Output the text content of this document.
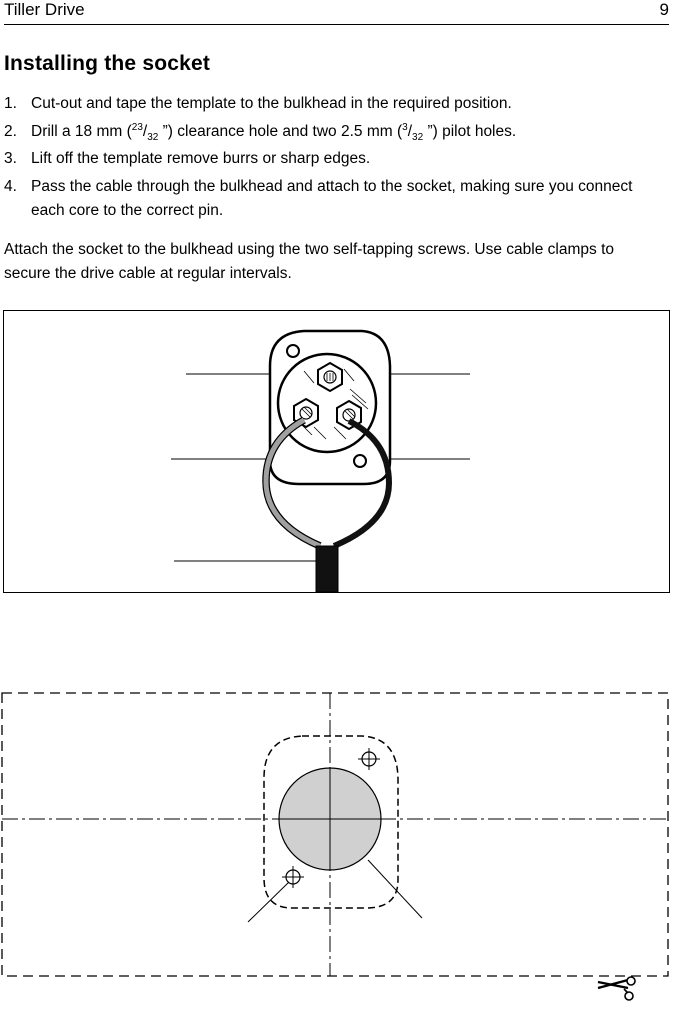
Tiller Drive	9
Installing the socket
1. Cut-out and tape the template to the bulkhead in the required position.
2. Drill a 18 mm ($^{23}/_{32}$ ”) clearance hole and two 2.5 mm ($^3/_{32}$ ”) pilot holes.
3. Lift off the template remove burrs or sharp edges.
4. Pass the cable through the bulkhead and attach to the socket, making sure you connect
each core to the correct pin.
Attach the socket to the bulkhead using the two self-tapping screws. Use cable clamps to
secure the drive cable at regular intervals.
